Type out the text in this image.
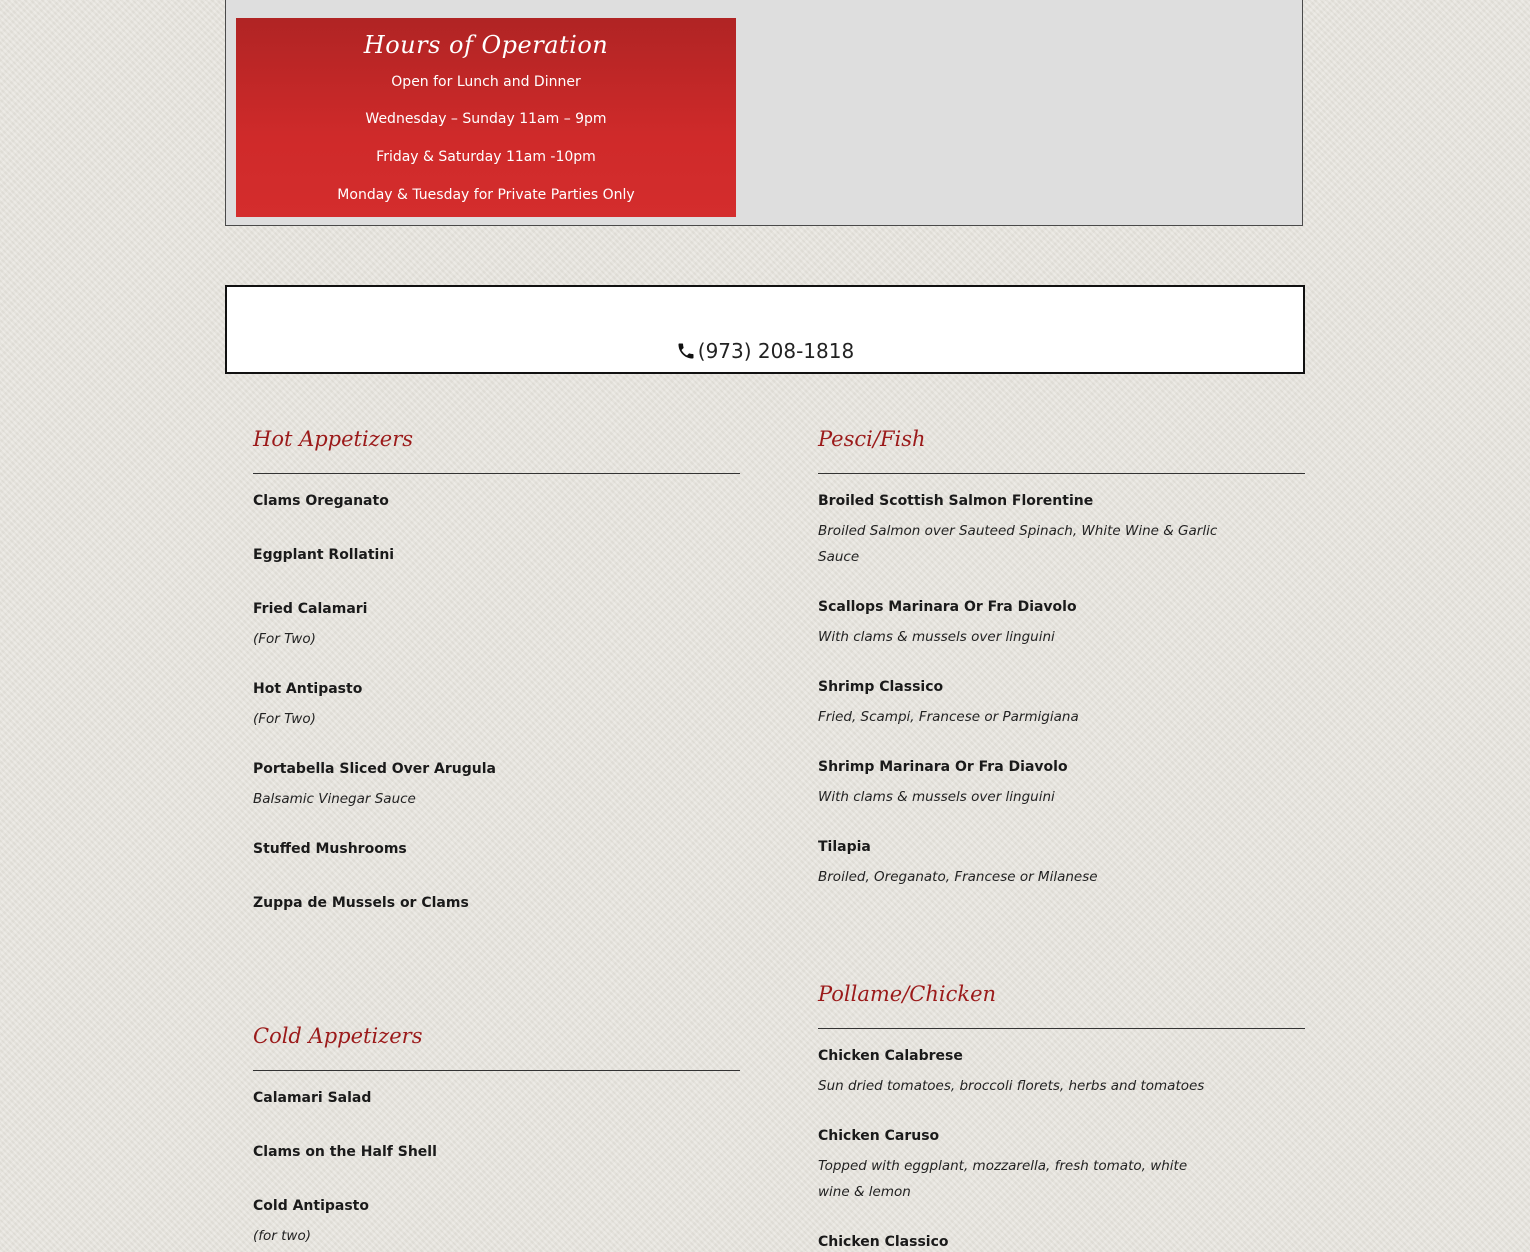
Hours of Operation
Open for Lunch and Dinner
Wednesday – Sunday 11am – 9pm
Friday & Saturday 11am -10pm
Monday & Tuesday for Private Parties Only
(973) 208-1818
Hot Appetizers
Clams Oreganato
Eggplant Rollatini
Fried Calamari
(For Two)
Hot Antipasto
(For Two)
Portabella Sliced Over Arugula
Balsamic Vinegar Sauce
Stuffed Mushrooms
Zuppa de Mussels or Clams
Cold Appetizers
Calamari Salad
Clams on the Half Shell
Cold Antipasto
(for two)
Pesci/Fish
Broiled Scottish Salmon Florentine
Broiled Salmon over Sauteed Spinach, White Wine & Garlic Sauce
Scallops Marinara Or Fra Diavolo
With clams & mussels over linguini
Shrimp Classico
Fried, Scampi, Francese or Parmigiana
Shrimp Marinara Or Fra Diavolo
With clams & mussels over linguini
Tilapia
Broiled, Oreganato, Francese or Milanese
Pollame/Chicken
Chicken Calabrese
Sun dried tomatoes, broccoli florets, herbs and tomatoes
Chicken Caruso
Topped with eggplant, mozzarella, fresh tomato, white wine & lemon
Chicken Classico
